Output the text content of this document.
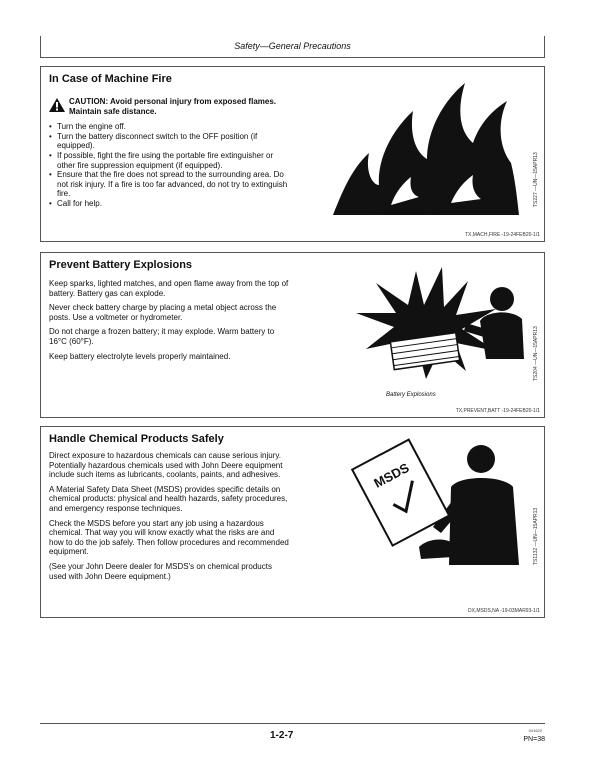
Safety—General Precautions
In Case of Machine Fire
CAUTION: Avoid personal injury from exposed flames. Maintain safe distance.
• Turn the engine off.
• Turn the battery disconnect switch to the OFF position (if equipped).
• If possible, fight the fire using the portable fire extinguisher or other fire suppression equipment (if equipped).
• Ensure that the fire does not spread to the surrounding area. Do not risk injury. If a fire is too far advanced, do not try to extinguish fire.
• Call for help.
In Case of Machine Fire
TS227 —UN—15APR13
TX,MACH,FIRE -19-24FEB20-1/1
Prevent Battery Explosions

Keep sparks, lighted matches, and open flame away from the top of battery. Battery gas can explode.

Never check battery charge by placing a metal object across the posts. Use a voltmeter or hydrometer.

Do not charge a frozen battery; it may explode. Warm battery to 16°C (60°F).

Keep battery electrolyte levels properly maintained.

Battery Explosions
TS204 —UN—15APR13
TX,PREVENT,BATT -19-24FEB20-1/1
Handle Chemical Products Safely

Direct exposure to hazardous chemicals can cause serious injury. Potentially hazardous chemicals used with John Deere equipment include such items as lubricants, coolants, paints, and adhesives.

A Material Safety Data Sheet (MSDS) provides specific details on chemical products: physical and health hazards, safety procedures, and emergency response techniques.

Check the MSDS before you start any job using a hazardous chemical. That way you will know exactly what the risks are and how to do the job safely. Then follow procedures and recommended equipment.

(See your John Deere dealer for MSDS's on chemical products used with John Deere equipment.)

MSDS
TS1132 —UN—15APR13
DX,MSDS,NA -19-03MAR93-1/1
1-2-7	041620
PN=38
